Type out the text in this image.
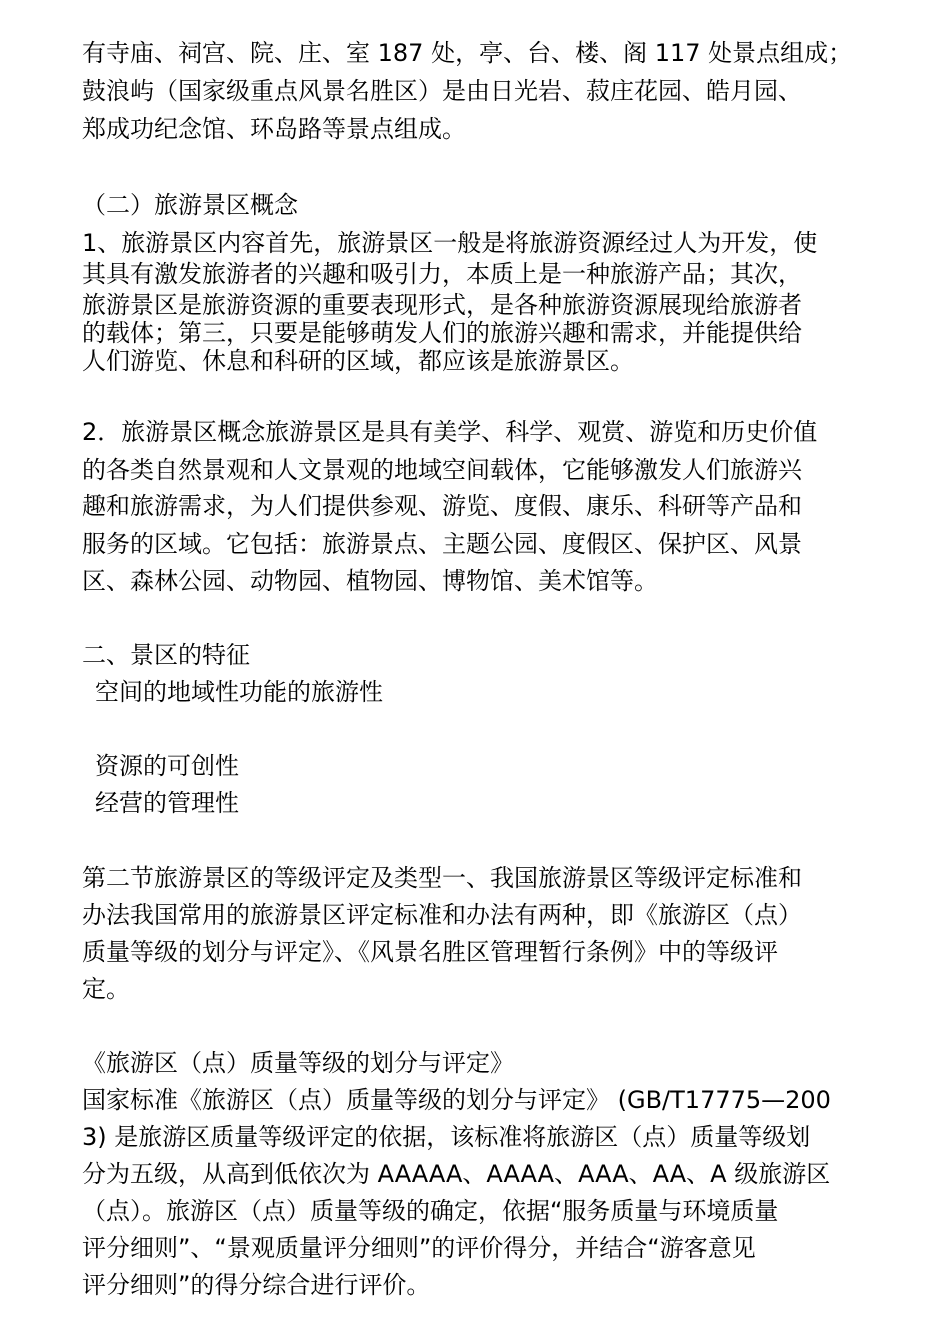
有寺庙、祠宫、院、庄、室 187 处，亭、台、楼、阁 117 处景点组成；
鼓浪屿（国家级重点风景名胜区）是由日光岩、菽庄花园、皓月园、
郑成功纪念馆、环岛路等景点组成。
（二）旅游景区概念
1、旅游景区内容首先，旅游景区一般是将旅游资源经过人为开发，使
其具有激发旅游者的兴趣和吸引力，本质上是一种旅游产品；其次，
旅游景区是旅游资源的重要表现形式，是各种旅游资源展现给旅游者
的载体；第三，只要是能够萌发人们的旅游兴趣和需求，并能提供给
人们游览、休息和科研的区域，都应该是旅游景区。
2．旅游景区概念旅游景区是具有美学、科学、观赏、游览和历史价值
的各类自然景观和人文景观的地域空间载体，它能够激发人们旅游兴
趣和旅游需求，为人们提供参观、游览、度假、康乐、科研等产品和
服务的区域。它包括：旅游景点、主题公园、度假区、保护区、风景
区、森林公园、动物园、植物园、博物馆、美术馆等。
二、景区的特征
空间的地域性功能的旅游性
资源的可创性
经营的管理性
第二节旅游景区的等级评定及类型一、我国旅游景区等级评定标准和
办法我国常用的旅游景区评定标准和办法有两种，即《旅游区（点）
质量等级的划分与评定》、《风景名胜区管理暂行条例》中的等级评
定。
《旅游区（点）质量等级的划分与评定》
国家标准《旅游区（点）质量等级的划分与评定》 (GB/T17775—200
3) 是旅游区质量等级评定的依据，该标准将旅游区（点）质量等级划
分为五级，从高到低依次为 AAAAA、AAAA、AAA、AA、A 级旅游区
（点）。旅游区（点）质量等级的确定，依据“服务质量与环境质量
评分细则”、“景观质量评分细则”的评价得分，并结合“游客意见
评分细则”的得分综合进行评价。
